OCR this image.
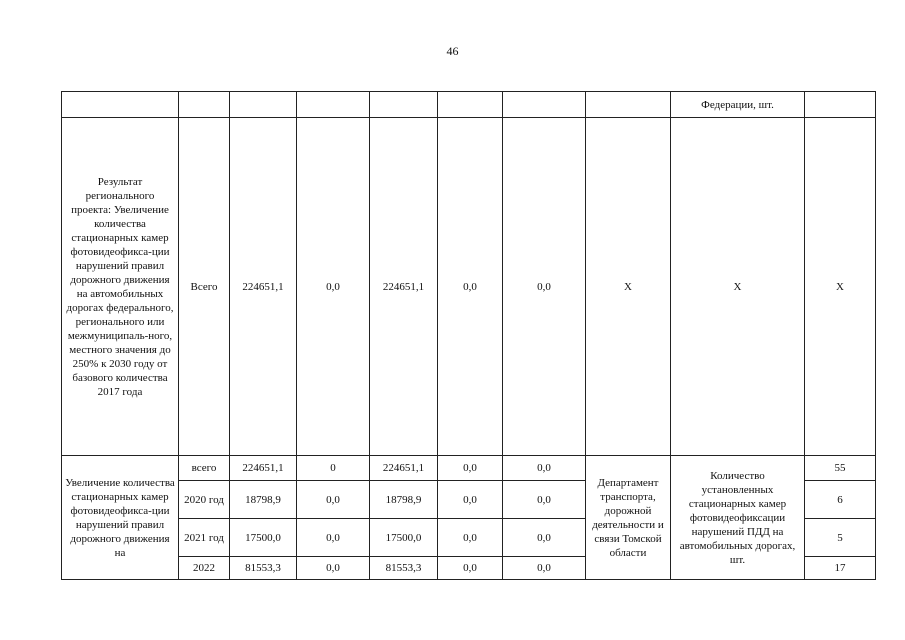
46
								Федерации, шт.	
Результат регионального проекта: Увеличение количества стационарных камер фотовидеофикса-ции нарушений правил дорожного движения на автомобильных дорогах федерального, регионального или межмуниципаль-ного, местного значения до 250% к 2030 году от базового количества 2017 года	Всего	224651,1	0,0	224651,1	0,0	0,0	Х	Х	Х
Увеличение количества стационарных камер фотовидеофикса-ции нарушений правил дорожного движения на	всего	224651,1	0	224651,1	0,0	0,0	Департамент транспорта, дорожной деятельности и связи Томской области	Количество установленных стационарных камер фотовидеофиксации нарушений ПДД на автомобильных дорогах, шт.	55
	2020 год	18798,9	0,0	18798,9	0,0	0,0			6
	2021 год	17500,0	0,0	17500,0	0,0	0,0			5
	2022	81553,3	0,0	81553,3	0,0	0,0			17
